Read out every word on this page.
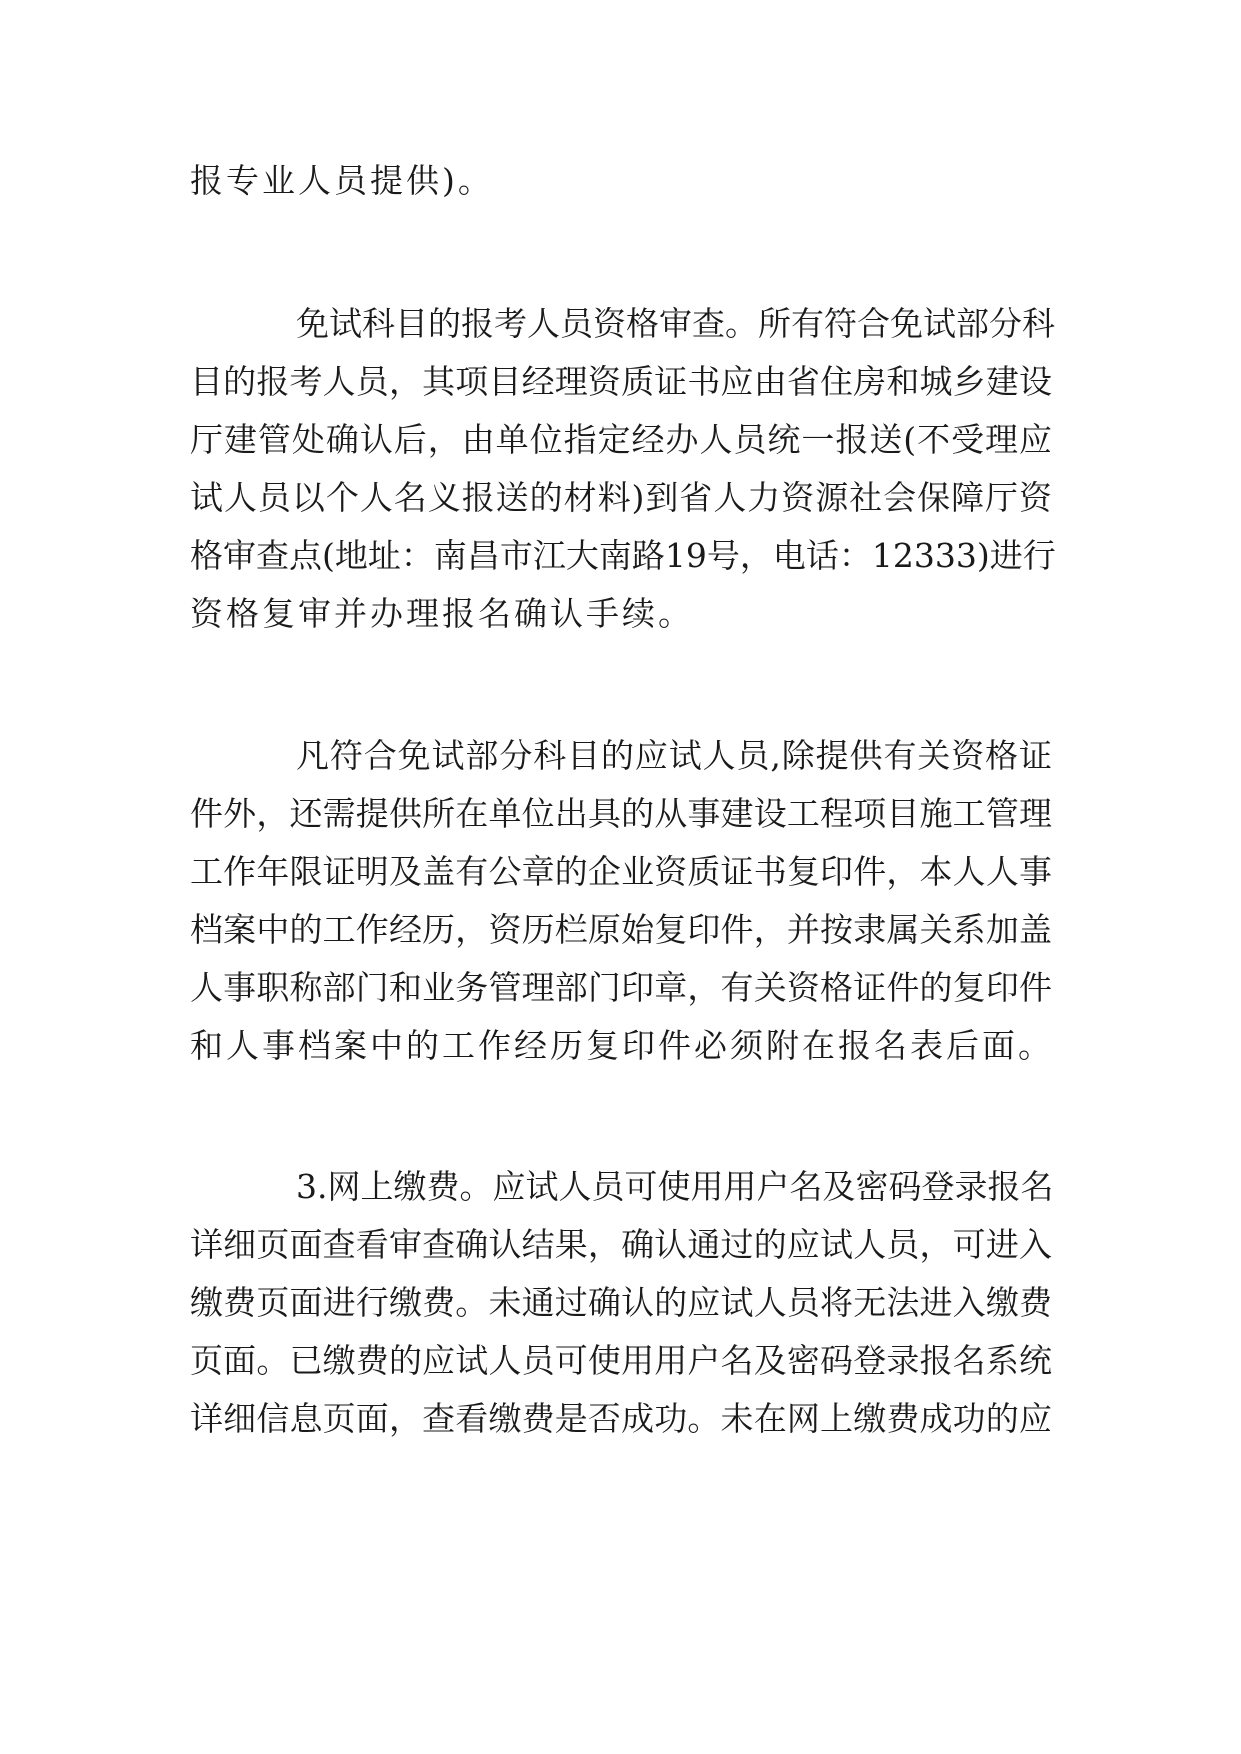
报专业人员提供)。
免试科目的报考人员资格审查。所有符合免试部分科
目的报考人员，其项目经理资质证书应由省住房和城乡建设
厅建管处确认后，由单位指定经办人员统一报送(不受理应
试人员以个人名义报送的材料)到省人力资源社会保障厅资
格审查点(地址：南昌市江大南路19号，电话：12333)进行
资格复审并办理报名确认手续。
凡符合免试部分科目的应试人员,除提供有关资格证
件外，还需提供所在单位出具的从事建设工程项目施工管理
工作年限证明及盖有公章的企业资质证书复印件，本人人事
档案中的工作经历，资历栏原始复印件，并按隶属关系加盖
人事职称部门和业务管理部门印章，有关资格证件的复印件
和人事档案中的工作经历复印件必须附在报名表后面。
3.网上缴费。应试人员可使用用户名及密码登录报名
详细页面查看审查确认结果，确认通过的应试人员，可进入
缴费页面进行缴费。未通过确认的应试人员将无法进入缴费
页面。已缴费的应试人员可使用用户名及密码登录报名系统
详细信息页面，查看缴费是否成功。未在网上缴费成功的应
